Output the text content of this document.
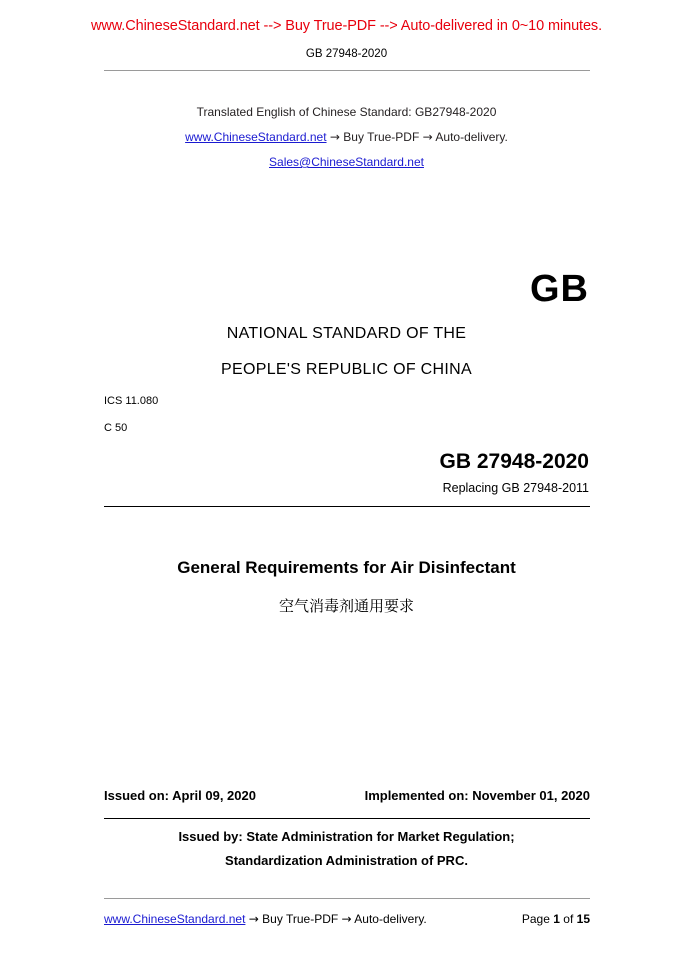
www.ChineseStandard.net --> Buy True-PDF --> Auto-delivered in 0~10 minutes.
GB 27948-2020
Translated English of Chinese Standard: GB27948-2020
www.ChineseStandard.net → Buy True-PDF → Auto-delivery.
Sales@ChineseStandard.net
GB
NATIONAL STANDARD OF THE
PEOPLE'S REPUBLIC OF CHINA
ICS 11.080
C 50
GB 27948-2020
Replacing GB 27948-2011
General Requirements for Air Disinfectant
空气消毒剂通用要求
Issued on: April 09, 2020	Implemented on: November 01, 2020
Issued by: State Administration for Market Regulation;
Standardization Administration of PRC.
www.ChineseStandard.net → Buy True-PDF → Auto-delivery.	Page 1 of 15
